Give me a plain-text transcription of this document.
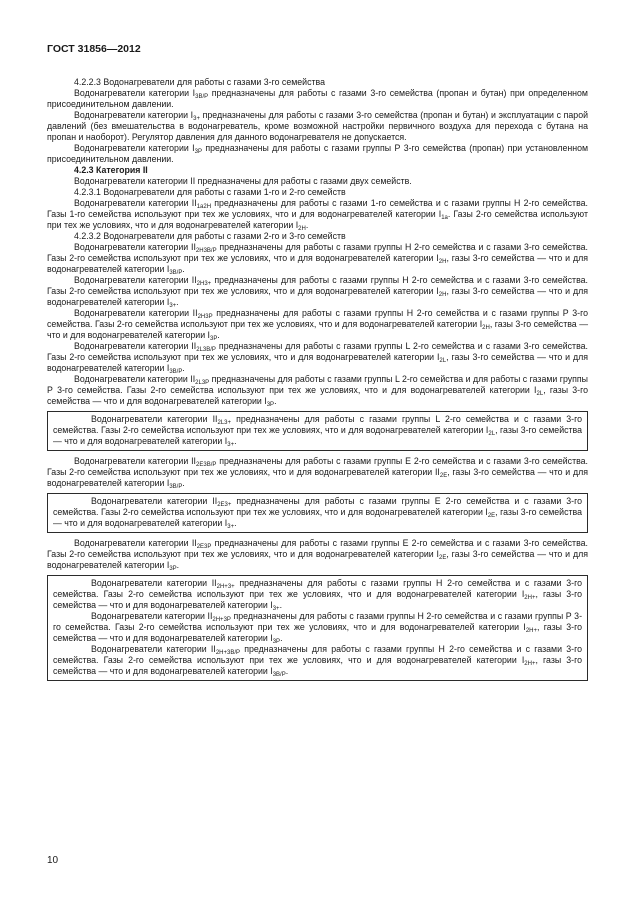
ГОСТ 31856—2012

4.2.2.3 Водонагреватели для работы с газами 3-го семейства

Водонагреватели категории $I_{3B/P}$ предназначены для работы с газами 3-го семейства (пропан и бутан) при определенном присоединительном давлении.

Водонагреватели категории $I_{3+}$ предназначены для работы с газами 3-го семейства (пропан и бутан) и эксплуатации с парой давлений (без вмешательства в водонагреватель, кроме возможной настройки первичного воздуха для перехода с бутана на пропан и наоборот). Регулятор давления для данного водонагревателя не допускается.

Водонагреватели категории $I_{3P}$ предназначены для работы с газами группы Р 3-го семейства (пропан) при установленном присоединительном давлении.

4.2.3 Категория II

Водонагреватели категории II предназначены для работы с газами двух семейств.

4.2.3.1 Водонагреватели для работы с газами 1-го и 2-го семейств

Водонагреватели категории $II_{1a2H}$ предназначены для работы с газами 1-го семейства и с газами группы Н 2-го семейства. Газы 1-го семейства используют при тех же условиях, что и для водонагревателей категории $I_{1a}$. Газы 2-го семейства используют при тех же условиях, что и для водонагревателей категории $I_{2H}$.

4.2.3.2 Водонагреватели для работы с газами 2-го и 3-го семейств

Водонагреватели категории $II_{2H3B/P}$ предназначены для работы с газами группы Н 2-го семейства и с газами 3-го семейства. Газы 2-го семейства используют при тех же условиях, что и для водонагревателей категории $I_{2H}$, газы 3-го семейства — что и для водонагревателей категории $I_{3B/P}$.

Водонагреватели категории $II_{2H3+}$ предназначены для работы с газами группы Н 2-го семейства и с газами 3-го семейства. Газы 2-го семейства используют при тех же условиях, что и для водонагревателей категории $I_{2H}$, газы 3-го семейства — что и для водонагревателей категории $I_{3+}$.

Водонагреватели категории $II_{2H3P}$ предназначены для работы с газами группы Н 2-го семейства и с газами группы Р 3-го семейства. Газы 2-го семейства используют при тех же условиях, что и для водонагревателей категории $I_{2H}$, газы 3-го семейства — что и для водонагревателей категории $I_{3P}$.

Водонагреватели категории $II_{2L3B/P}$ предназначены для работы с газами группы L 2-го семейства и с газами 3-го семейства. Газы 2-го семейства используют при тех же условиях, что и для водонагревателей категории $I_{2L}$, газы 3-го семейства — что и для водонагревателей категории $I_{3B/P}$.

Водонагреватели категории $II_{2L3P}$ предназначены для работы с газами группы L 2-го семейства и для работы с газами группы Р 3-го семейства. Газы 2-го семейства используют при тех же условиях, что и для водонагревателей категории $I_{2L}$, газы 3-го семейства — что и для водонагревателей категории $I_{3P}$.

Водонагреватели категории $II_{2L3+}$ предназначены для работы с газами группы L 2-го семейства и с газами 3-го семейства. Газы 2-го семейства используют при тех же условиях, что и для водонагревателей категории $I_{2L}$, газы 3-го семейства — что и для водонагревателей категории $I_{3+}$.

Водонагреватели категории $II_{2E3B/P}$ предназначены для работы с газами группы Е 2-го семейства и с газами 3-го семейства. Газы 2-го семейства используют при тех же условиях, что и для водонагревателей категории $II_{2E}$, газы 3-го семейства — что и для водонагревателей категории $I_{3B/P}$.

Водонагреватели категории $II_{2E3+}$ предназначены для работы с газами группы Е 2-го семейства и с газами 3-го семейства. Газы 2-го семейства используют при тех же условиях, что и для водонагревателей категории $I_{2E}$, газы 3-го семейства — что и для водонагревателей категории $I_{3+}$.

Водонагреватели категории $II_{2E3P}$ предназначены для работы с газами группы Е 2-го семейства и с газами 3-го семейства. Газы 2-го семейства используют при тех же условиях, что и для водонагревателей категории $I_{2E}$, газы 3-го семейства — что и для водонагревателей категории $I_{3P}$.

Водонагреватели категории $II_{2H+3+}$ предназначены для работы с газами группы Н 2-го семейства и с газами 3-го семейства. Газы 2-го семейства используют при тех же условиях, что и для водонагревателей категории $I_{2H+}$, газы 3-го семейства — что и для водонагревателей категории $I_{3+}$.

Водонагреватели категории $II_{2H+3P}$ предназначены для работы с газами группы Н 2-го семейства и с газами группы Р 3-го семейства. Газы 2-го семейства используют при тех же условиях, что и для водонагревателей категории $I_{2H+}$, газы 3-го семейства — что и для водонагревателей категории $I_{3P}$.

Водонагреватели категории $II_{2H+3B/P}$ предназначены для работы с газами группы Н 2-го семейства и с газами 3-го семейства. Газы 2-го семейства используют при тех же условиях, что и для водонагревателей категории $I_{2H+}$, газы 3-го семейства — что и для водонагревателей категории $I_{3B/P}$.

10
